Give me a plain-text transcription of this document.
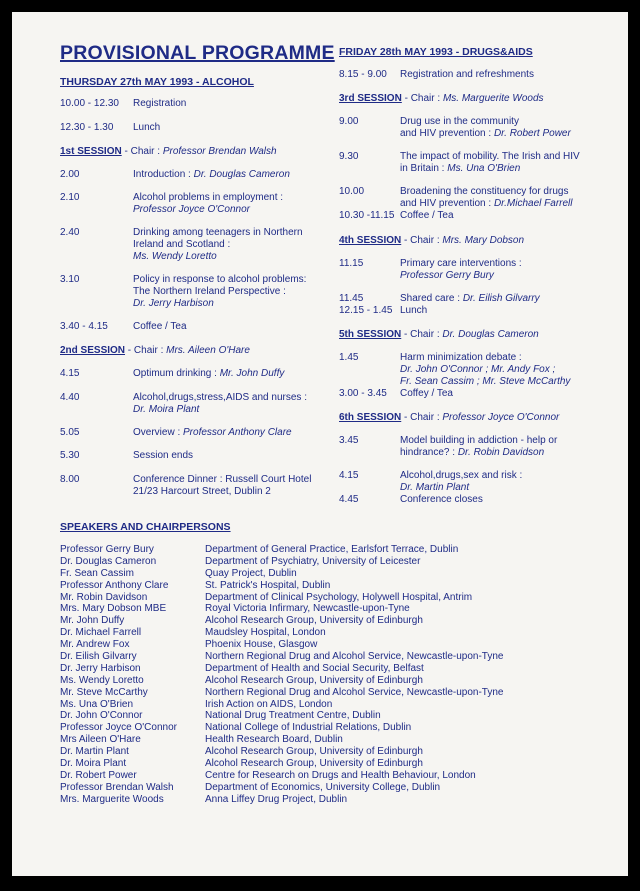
PROVISIONAL PROGRAMME
THURSDAY 27th MAY 1993 - ALCOHOL
10.00 - 12.30 Registration
12.30 - 1.30 Lunch
1st SESSION - Chair : Professor Brendan Walsh
2.00	Introduction : Dr. Douglas Cameron
2.10	Alcohol problems in employment :
Professor Joyce O'Connor
2.40	Drinking among teenagers in Northern
Ireland and Scotland :
Ms. Wendy Loretto
3.10	Policy in response to alcohol problems:
The Northern Ireland Perspective :
Dr. Jerry Harbison
3.40 - 4.15	Coffee / Tea
2nd SESSION - Chair : Mrs. Aileen O'Hare
4.15	Optimum drinking : Mr. John Duffy
4.40	Alcohol,drugs,stress,AIDS and nurses :
Dr. Moira Plant
5.05	Overview : Professor Anthony Clare
5.30	Session ends
8.00	Conference Dinner : Russell Court Hotel
21/23 Harcourt Street, Dublin 2
FRIDAY 28th MAY 1993 - DRUGS&AIDS
8.15 - 9.00 Registration and refreshments
3rd SESSION - Chair : Ms. Marguerite Woods
9.00	Drug use in the community
and HIV prevention : Dr. Robert Power
9.30	The impact of mobility. The Irish and HIV
in Britain : Ms. Una O'Brien
10.00	Broadening the constituency for drugs
and HIV prevention : Dr.Michael Farrell
10.30 -11.15 Coffee / Tea
4th SESSION - Chair : Mrs. Mary Dobson
11.15	Primary care interventions :
Professor Gerry Bury
11.45	Shared care : Dr. Eilish Gilvarry
12.15 - 1.45 Lunch
5th SESSION - Chair : Dr. Douglas Cameron
1.45	Harm minimization debate :
Dr. John O'Connor ; Mr. Andy Fox ;
Fr. Sean Cassim ; Mr. Steve McCarthy
3.00 - 3.45 Coffey / Tea
6th SESSION - Chair : Professor Joyce O'Connor
3.45	Model building in addiction - help or
hindrance? : Dr. Robin Davidson
4.15	Alcohol,drugs,sex and risk :
Dr. Martin Plant
4.45	Conference closes
SPEAKERS AND CHAIRPERSONS
Professor Gerry Bury	Department of General Practice, Earlsfort Terrace, Dublin
Dr. Douglas Cameron	Department of Psychiatry, University of Leicester
Fr. Sean Cassim	Quay Project, Dublin
Professor Anthony Clare	St. Patrick's Hospital, Dublin
Mr. Robin Davidson	Department of Clinical Psychology, Holywell Hospital, Antrim
Mrs. Mary Dobson MBE	Royal Victoria Infirmary, Newcastle-upon-Tyne
Mr. John Duffy	Alcohol Research Group, University of Edinburgh
Dr. Michael Farrell	Maudsley Hospital, London
Mr. Andrew Fox	Phoenix House, Glasgow
Dr. Eilish Gilvarry	Northern Regional Drug and Alcohol Service, Newcastle-upon-Tyne
Dr. Jerry Harbison	Department of Health and Social Security, Belfast
Ms. Wendy Loretto	Alcohol Research Group, University of Edinburgh
Mr. Steve McCarthy	Northern Regional Drug and Alcohol Service, Newcastle-upon-Tyne
Ms. Una O'Brien	Irish Action on AIDS, London
Dr. John O'Connor	National Drug Treatment Centre, Dublin
Professor Joyce O'Connor	National College of Industrial Relations, Dublin
Mrs Aileen O'Hare	Health Research Board, Dublin
Dr. Martin Plant	Alcohol Research Group, University of Edinburgh
Dr. Moira Plant	Alcohol Research Group, University of Edinburgh
Dr. Robert Power	Centre for Research on Drugs and Health Behaviour, London
Professor Brendan Walsh	Department of Economics, University College, Dublin
Mrs. Marguerite Woods	Anna Liffey Drug Project, Dublin
